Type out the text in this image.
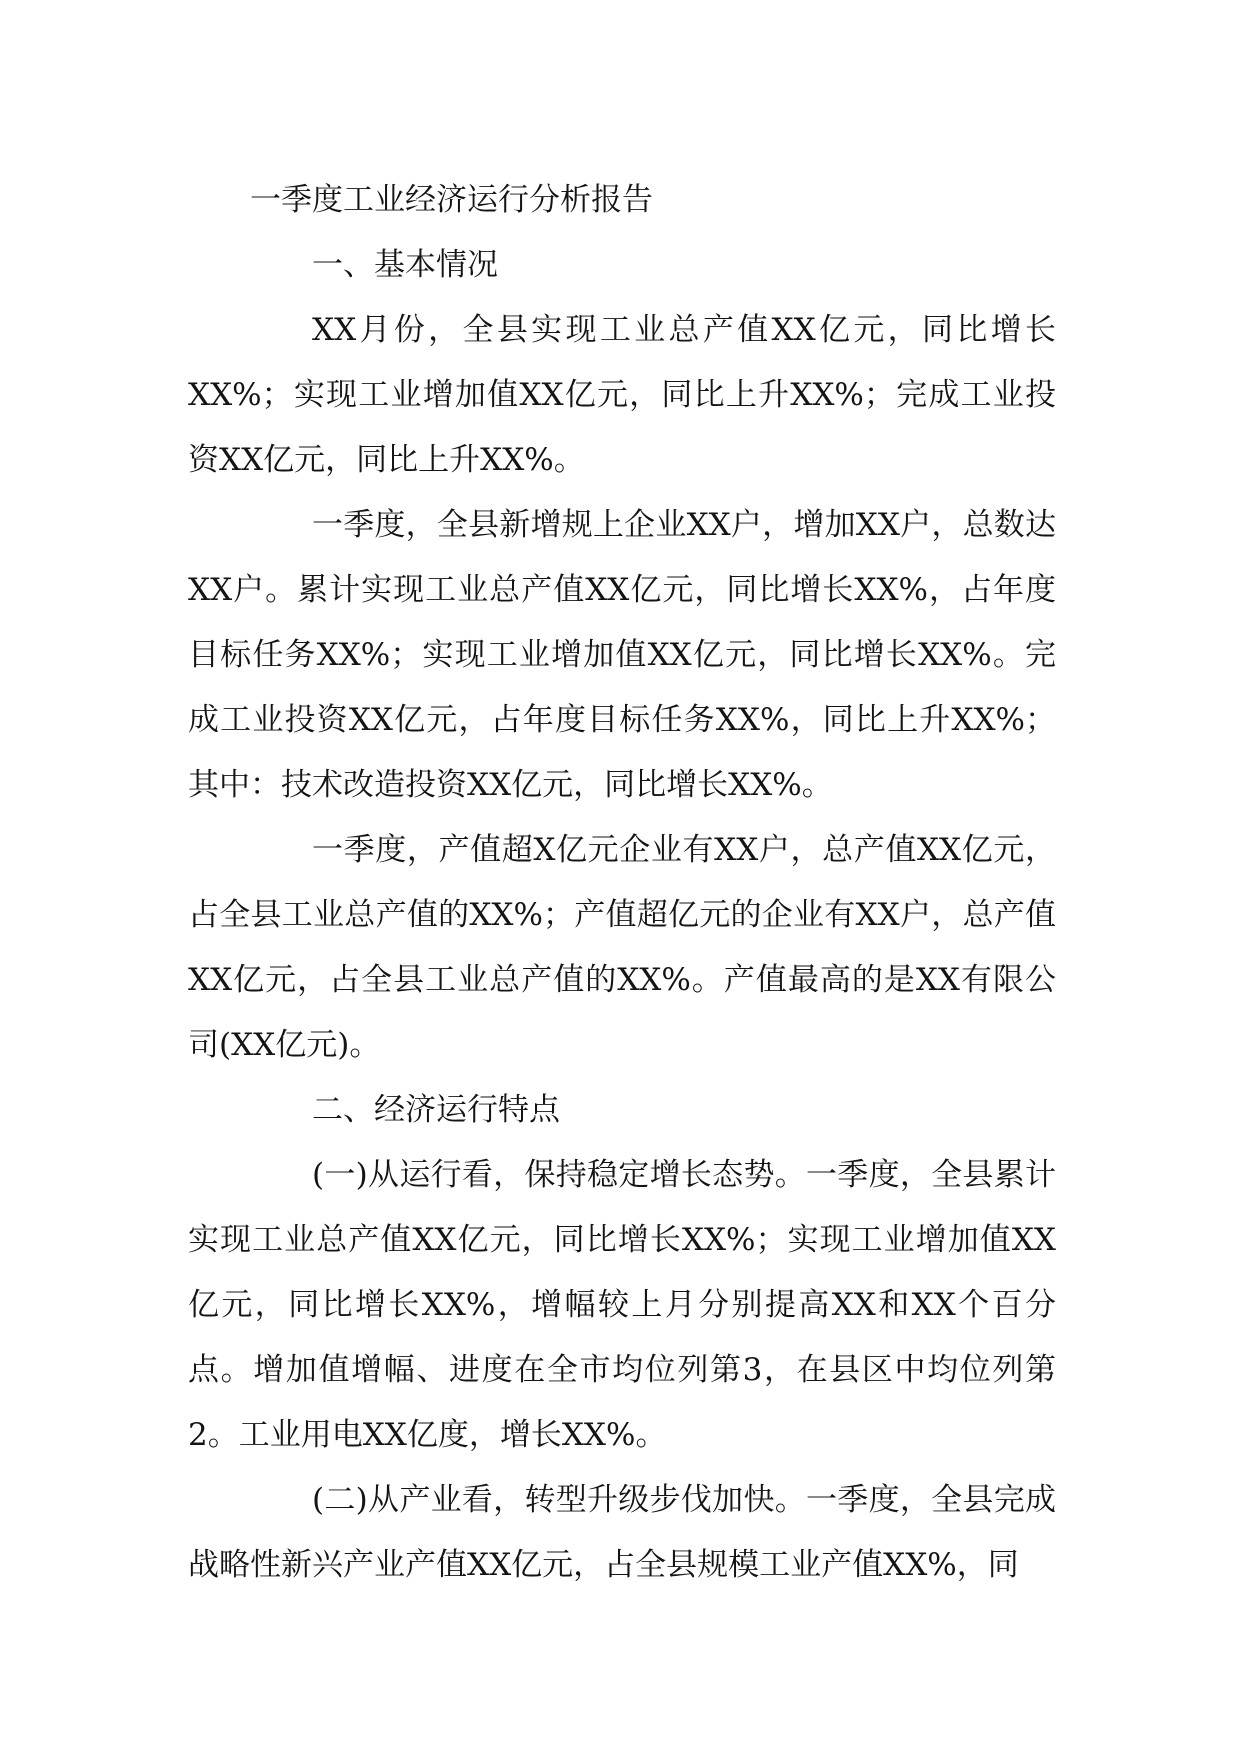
一季度工业经济运行分析报告
一、基本情况

XX月份，全县实现工业总产值XX亿元，同比增长XX%；实现工业增加值XX亿元，同比上升XX%；完成工业投资XX亿元，同比上升XX%。

一季度，全县新增规上企业XX户，增加XX户，总数达XX户。累计实现工业总产值XX亿元，同比增长XX%，占年度目标任务XX%；实现工业增加值XX亿元，同比增长XX%。完成工业投资XX亿元，占年度目标任务XX%，同比上升XX%；其中：技术改造投资XX亿元，同比增长XX%。

一季度，产值超X亿元企业有XX户，总产值XX亿元，占全县工业总产值的XX%；产值超亿元的企业有XX户，总产值XX亿元，占全县工业总产值的XX%。产值最高的是XX有限公司(XX亿元)。

二、经济运行特点

(一)从运行看，保持稳定增长态势。一季度，全县累计实现工业总产值XX亿元，同比增长XX%；实现工业增加值XX亿元，同比增长XX%，增幅较上月分别提高XX和XX个百分点。增加值增幅、进度在全市均位列第3，在县区中均位列第2。工业用电XX亿度，增长XX%。

(二)从产业看，转型升级步伐加快。一季度，全县完成战略性新兴产业产值XX亿元，占全县规模工业产值XX%，同
